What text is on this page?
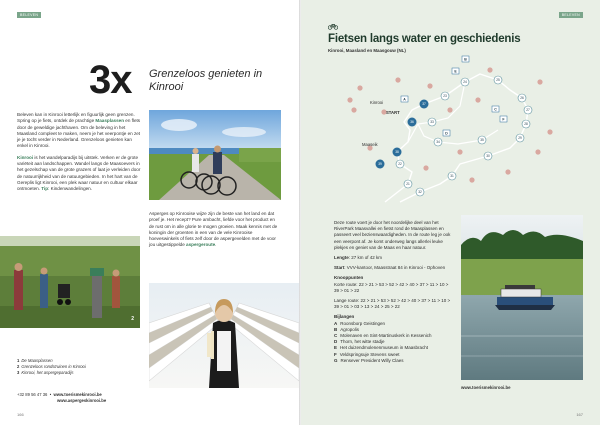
BELEVEN
3x Grenzeloos genieten in Kinrooi

Beleven kan in Kinrooi letterlijk en figuurlijk geen grenzen. Spring op je fiets, ontdek de prachtige Maasplassen en flets door de geweldige jachthaven. Om de beleving in het Maasland compleet te maken, neem je het veerpontje en zet je je tocht verder in Nederland. Grenzeloos genieten kan enkel in Kinrooi.

Kinrooi is het wandelparadijs bij uitstek. Verken er de grote variëteit aan landschappen. Wandel langs de Maasoevers in het gezelschap van de grote grazers of laat je verleiden door de natuurrijkheid van de natuurgebieden. In het hart van de Gereplis ligt Kinrooi, een plek waar natuur en cultuur elkaar ontmoeten. Tip: Kindenwandelingen.

Asperges op Kinrooise wijze zijn de beste van het land en dat proef je. Het recept? Pure ambacht, liefde voor het product en de rust om in alle glorie te mogen groeien. Maak kennis met de koningin der groenten in een van de vele Kinrooise hoeveswinkels of fiets zelf door de aspergevelden met de voor jou uitgestippelde aspergeroute.
2
1 De Maasplassen
2 Grenzeloos rondstruinen in Kinrooi
3 Kinrooi, het aspergeparadijs
+32 89 56 47 36  •  www.toerismekinrooi.be
www.aspergeskinrooi.be
166
BELEVEN
Fietsen langs water en geschiedenis
Kinrooi, Maasland en Maasgouw (NL)
21
22
23
24	25
26
27
28
29
30
31
32
33
34	35
36
37
38
39
A
B
C
D
E
F
Kinrooi
START
Maaseik

Deze route voert je door het noordelijke deel van het RiverPark Maasvallei en fietst rond de Maasplassen en passeert veel bezienswaardigheden. In de route leg je ook een veerpont af. Je komt onderweg langs allerlei leuke plekjes en geniet van de Maas en haar natuur.

Lengte: 27 km of 42 km

Start: VVV-kantoor, Maasstraat 84 in Kinrooi - Ophoven

Knooppunten

Korte route: 22 > 21 > 53 > 52 > 42 > 40 > 37 > 11 > 10 > 39 > 01 > 22

Lange route: 22 > 21 > 53 > 52 > 42 > 40 > 37 > 11 > 10 > 39 > 01 > 03 > 13 > 24 > 25 > 22

Bijlangen
A Roonsborp Geistingen
B Agropolis
C Molenaven en Sint-Martinuskerk in Kessenich
D Thorn, het witte stadje
E Het duizendmolenenmuseum in Maasbracht
F Veldspringsuje Stevens sweet
G Rensever President Willy Claes
www.toerismekinrooi.be
167
